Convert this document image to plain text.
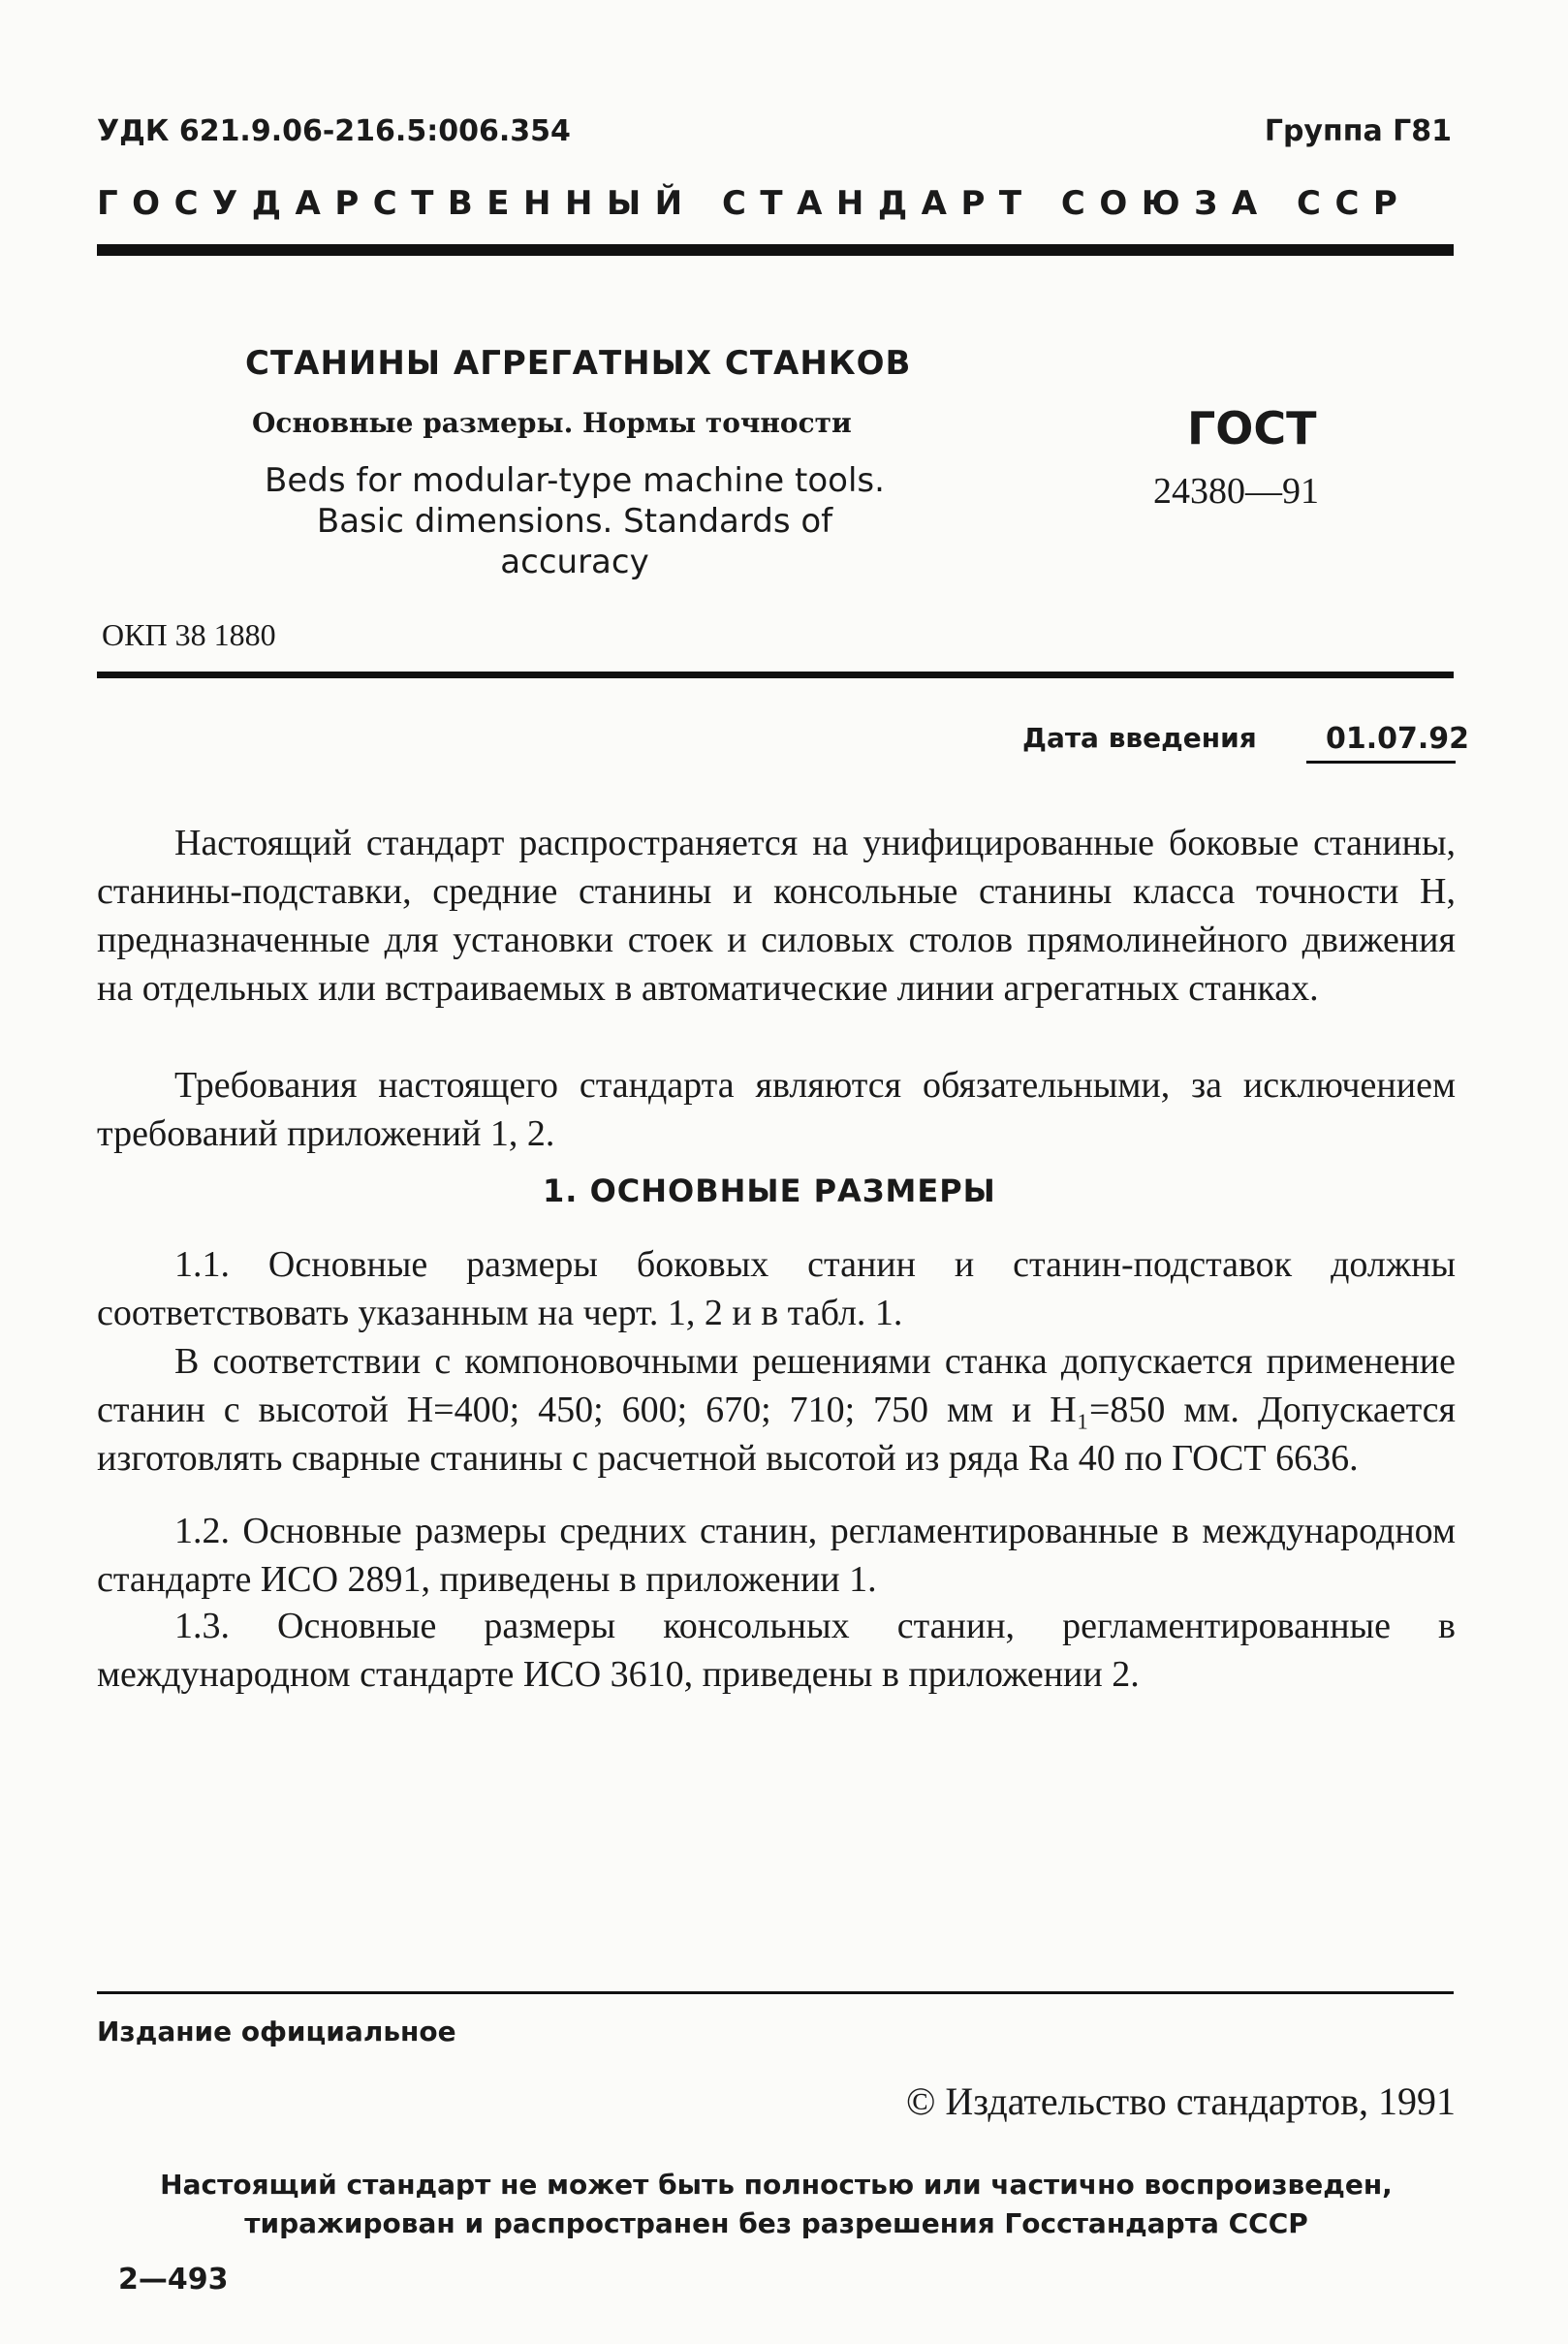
УДК 621.9.06-216.5:006.354	Группа Г81
ГОСУДАРСТВЕННЫЙ СТАНДАРТ СОЮЗА ССР
СТАНИНЫ АГРЕГАТНЫХ СТАНКОВ
Основные размеры. Нормы точности
Beds for modular-type machine tools.
Basic dimensions. Standards of accuracy
ГОСТ
24380—91
ОКП 38 1880
Дата введения 01.07.92
Настоящий стандарт распространяется на унифицированные боковые станины, станины-подставки, средние станины и консольные станины класса точности Н, предназначенные для установки стоек и силовых столов прямолинейного движения на отдельных или встраиваемых в автоматические линии агрегатных станках.
Требования настоящего стандарта являются обязательными, за исключением требований приложений 1, 2.
1. ОСНОВНЫЕ РАЗМЕРЫ
1.1. Основные размеры боковых станин и станин-подставок должны соответствовать указанным на черт. 1, 2 и в табл. 1.
В соответствии с компоновочными решениями станка допускается применение станин с высотой H=400; 450; 600; 670; 710; 750 мм и H₁=850 мм. Допускается изготовлять сварные станины с расчетной высотой из ряда Ra 40 по ГОСТ 6636.
1.2. Основные размеры средних станин, регламентированные в международном стандарте ИСО 2891, приведены в приложении 1.
1.3. Основные размеры консольных станин, регламентированные в международном стандарте ИСО 3610, приведены в приложении 2.
Издание официальное
© Издательство стандартов, 1991
Настоящий стандарт не может быть полностью или частично воспроизведен,
тиражирован и распространен без разрешения Госстандарта СССР
2—493
